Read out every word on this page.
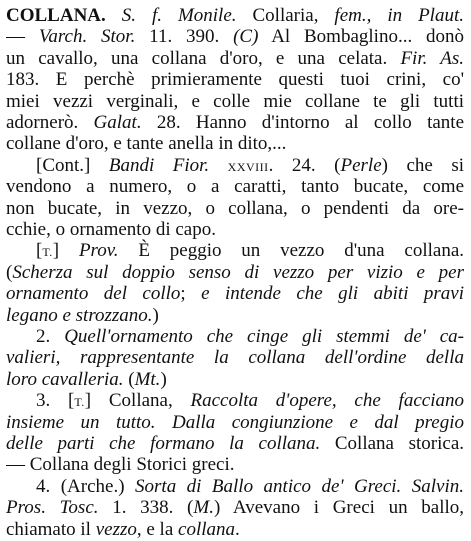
COLLANA. S. f. Monile. Collaria, fem., in Plaut.
— Varch. Stor. 11. 390. (C) Al Bombaglino... donò
un cavallo, una collana d'oro, e una celata. Fir. As.
183. E perchè primieramente questi tuoi crini, co'
miei vezzi verginali, e colle mie collane te gli tutti
adornerò. Galat. 28. Hanno d'intorno al collo tante
collane d'oro, e tante anella in dito,...
[Cont.] Bandi Fior. XXVIII. 24. (Perle) che si
vendono a numero, o a caratti, tanto bucate, come
non bucate, in vezzo, o collana, o pendenti da ore-
cchie, o ornamento di capo.
[T.] Prov. È peggio un vezzo d'una collana.
(Scherza sul doppio senso di vezzo per vizio e per
ornamento del collo; e intende che gli abiti pravi
legano e strozzano.)
2. Quell'ornamento che cinge gli stemmi de' ca-
valieri, rappresentante la collana dell'ordine della
loro cavalleria. (Mt.)
3. [T.] Collana, Raccolta d'opere, che facciano
insieme un tutto. Dalla congiunzione e dal pregio
delle parti che formano la collana. Collana storica.
— Collana degli Storici greci.
4. (Arche.) Sorta di Ballo antico de' Greci. Salvin.
Pros. Tosc. 1. 338. (M.) Avevano i Greci un ballo,
chiamato il vezzo, e la collana.
